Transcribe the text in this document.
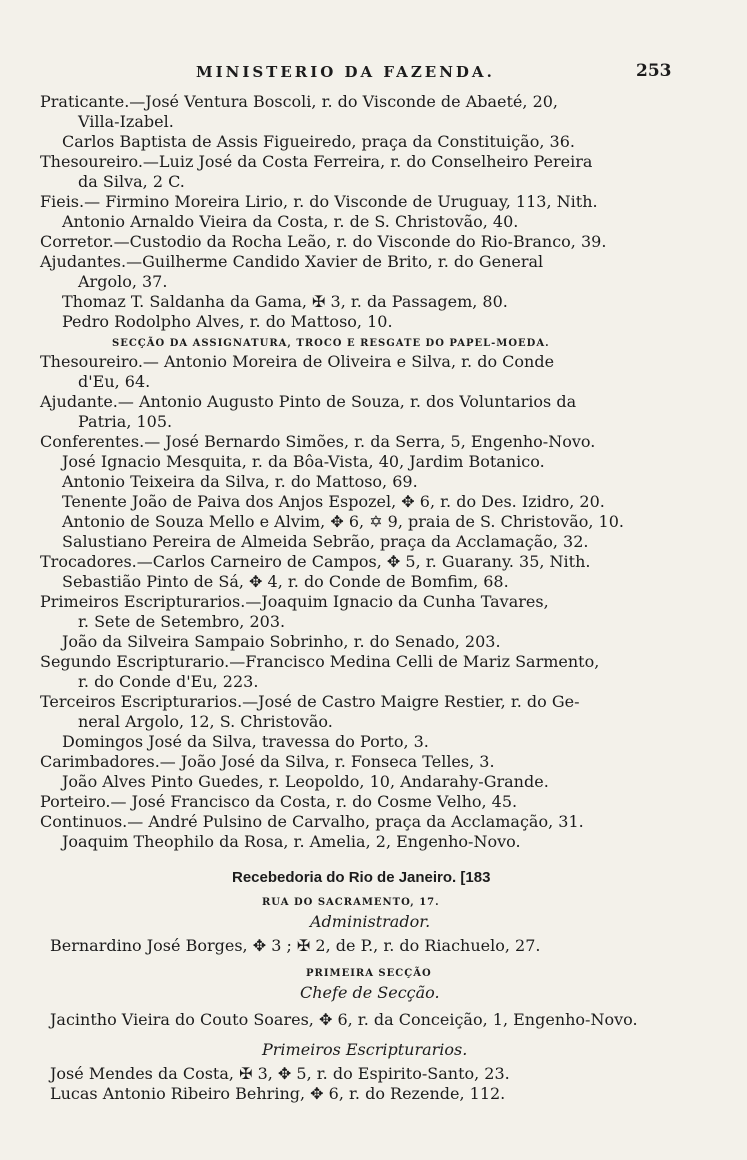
MINISTERIO DA FAZENDA.	253
Praticante.—José Ventura Boscoli, r. do Visconde de Abaeté, 20,
Villa-Izabel.
Carlos Baptista de Assis Figueiredo, praça da Constituição, 36.
Thesoureiro.—Luiz José da Costa Ferreira, r. do Conselheiro Pereira
da Silva, 2 C.
Fieis.— Firmino Moreira Lirio, r. do Visconde de Uruguay, 113, Nith.
Antonio Arnaldo Vieira da Costa, r. de S. Christovão, 40.
Corretor.—Custodio da Rocha Leão, r. do Visconde do Rio-Branco, 39.
Ajudantes.—Guilherme Candido Xavier de Brito, r. do General
Argolo, 37.
Thomaz T. Saldanha da Gama, ✠ 3, r. da Passagem, 80.
Pedro Rodolpho Alves, r. do Mattoso, 10.
SECÇÃO DA ASSIGNATURA, TROCO E RESGATE DO PAPEL-MOEDA.
Thesoureiro.— Antonio Moreira de Oliveira e Silva, r. do Conde
d'Eu, 64.
Ajudante.— Antonio Augusto Pinto de Souza, r. dos Voluntarios da
Patria, 105.
Conferentes.— José Bernardo Simões, r. da Serra, 5, Engenho-Novo.
José Ignacio Mesquita, r. da Bôa-Vista, 40, Jardim Botanico.
Antonio Teixeira da Silva, r. do Mattoso, 69.
Tenente João de Paiva dos Anjos Espozel, ✥ 6, r. do Des. Izidro, 20.
Antonio de Souza Mello e Alvim, ✥ 6, ✡ 9, praia de S. Christovão, 10.
Salustiano Pereira de Almeida Sebrão, praça da Acclamação, 32.
Trocadores.—Carlos Carneiro de Campos, ✥ 5, r. Guarany. 35, Nith.
Sebastião Pinto de Sá, ✥ 4, r. do Conde de Bomfim, 68.
Primeiros Escripturarios.—Joaquim Ignacio da Cunha Tavares,
r. Sete de Setembro, 203.
João da Silveira Sampaio Sobrinho, r. do Senado, 203.
Segundo Escripturario.—Francisco Medina Celli de Mariz Sarmento,
r. do Conde d'Eu, 223.
Terceiros Escripturarios.—José de Castro Maigre Restier, r. do Ge-
neral Argolo, 12, S. Christovão.
Domingos José da Silva, travessa do Porto, 3.
Carimbadores.— João José da Silva, r. Fonseca Telles, 3.
João Alves Pinto Guedes, r. Leopoldo, 10, Andarahy-Grande.
Porteiro.— José Francisco da Costa, r. do Cosme Velho, 45.
Continuos.— André Pulsino de Carvalho, praça da Acclamação, 31.
Joaquim Theophilo da Rosa, r. Amelia, 2, Engenho-Novo.
Recebedoria do Rio de Janeiro. [183
RUA DO SACRAMENTO, 17.
Administrador.
Bernardino José Borges, ✥ 3 ; ✠ 2, de P., r. do Riachuelo, 27.
PRIMEIRA SECÇÃO
Chefe de Secção.
Jacintho Vieira do Couto Soares, ✥ 6, r. da Conceição, 1, Engenho-Novo.
Primeiros Escripturarios.
José Mendes da Costa, ✠ 3, ✥ 5, r. do Espirito-Santo, 23.
Lucas Antonio Ribeiro Behring, ✥ 6, r. do Rezende, 112.
